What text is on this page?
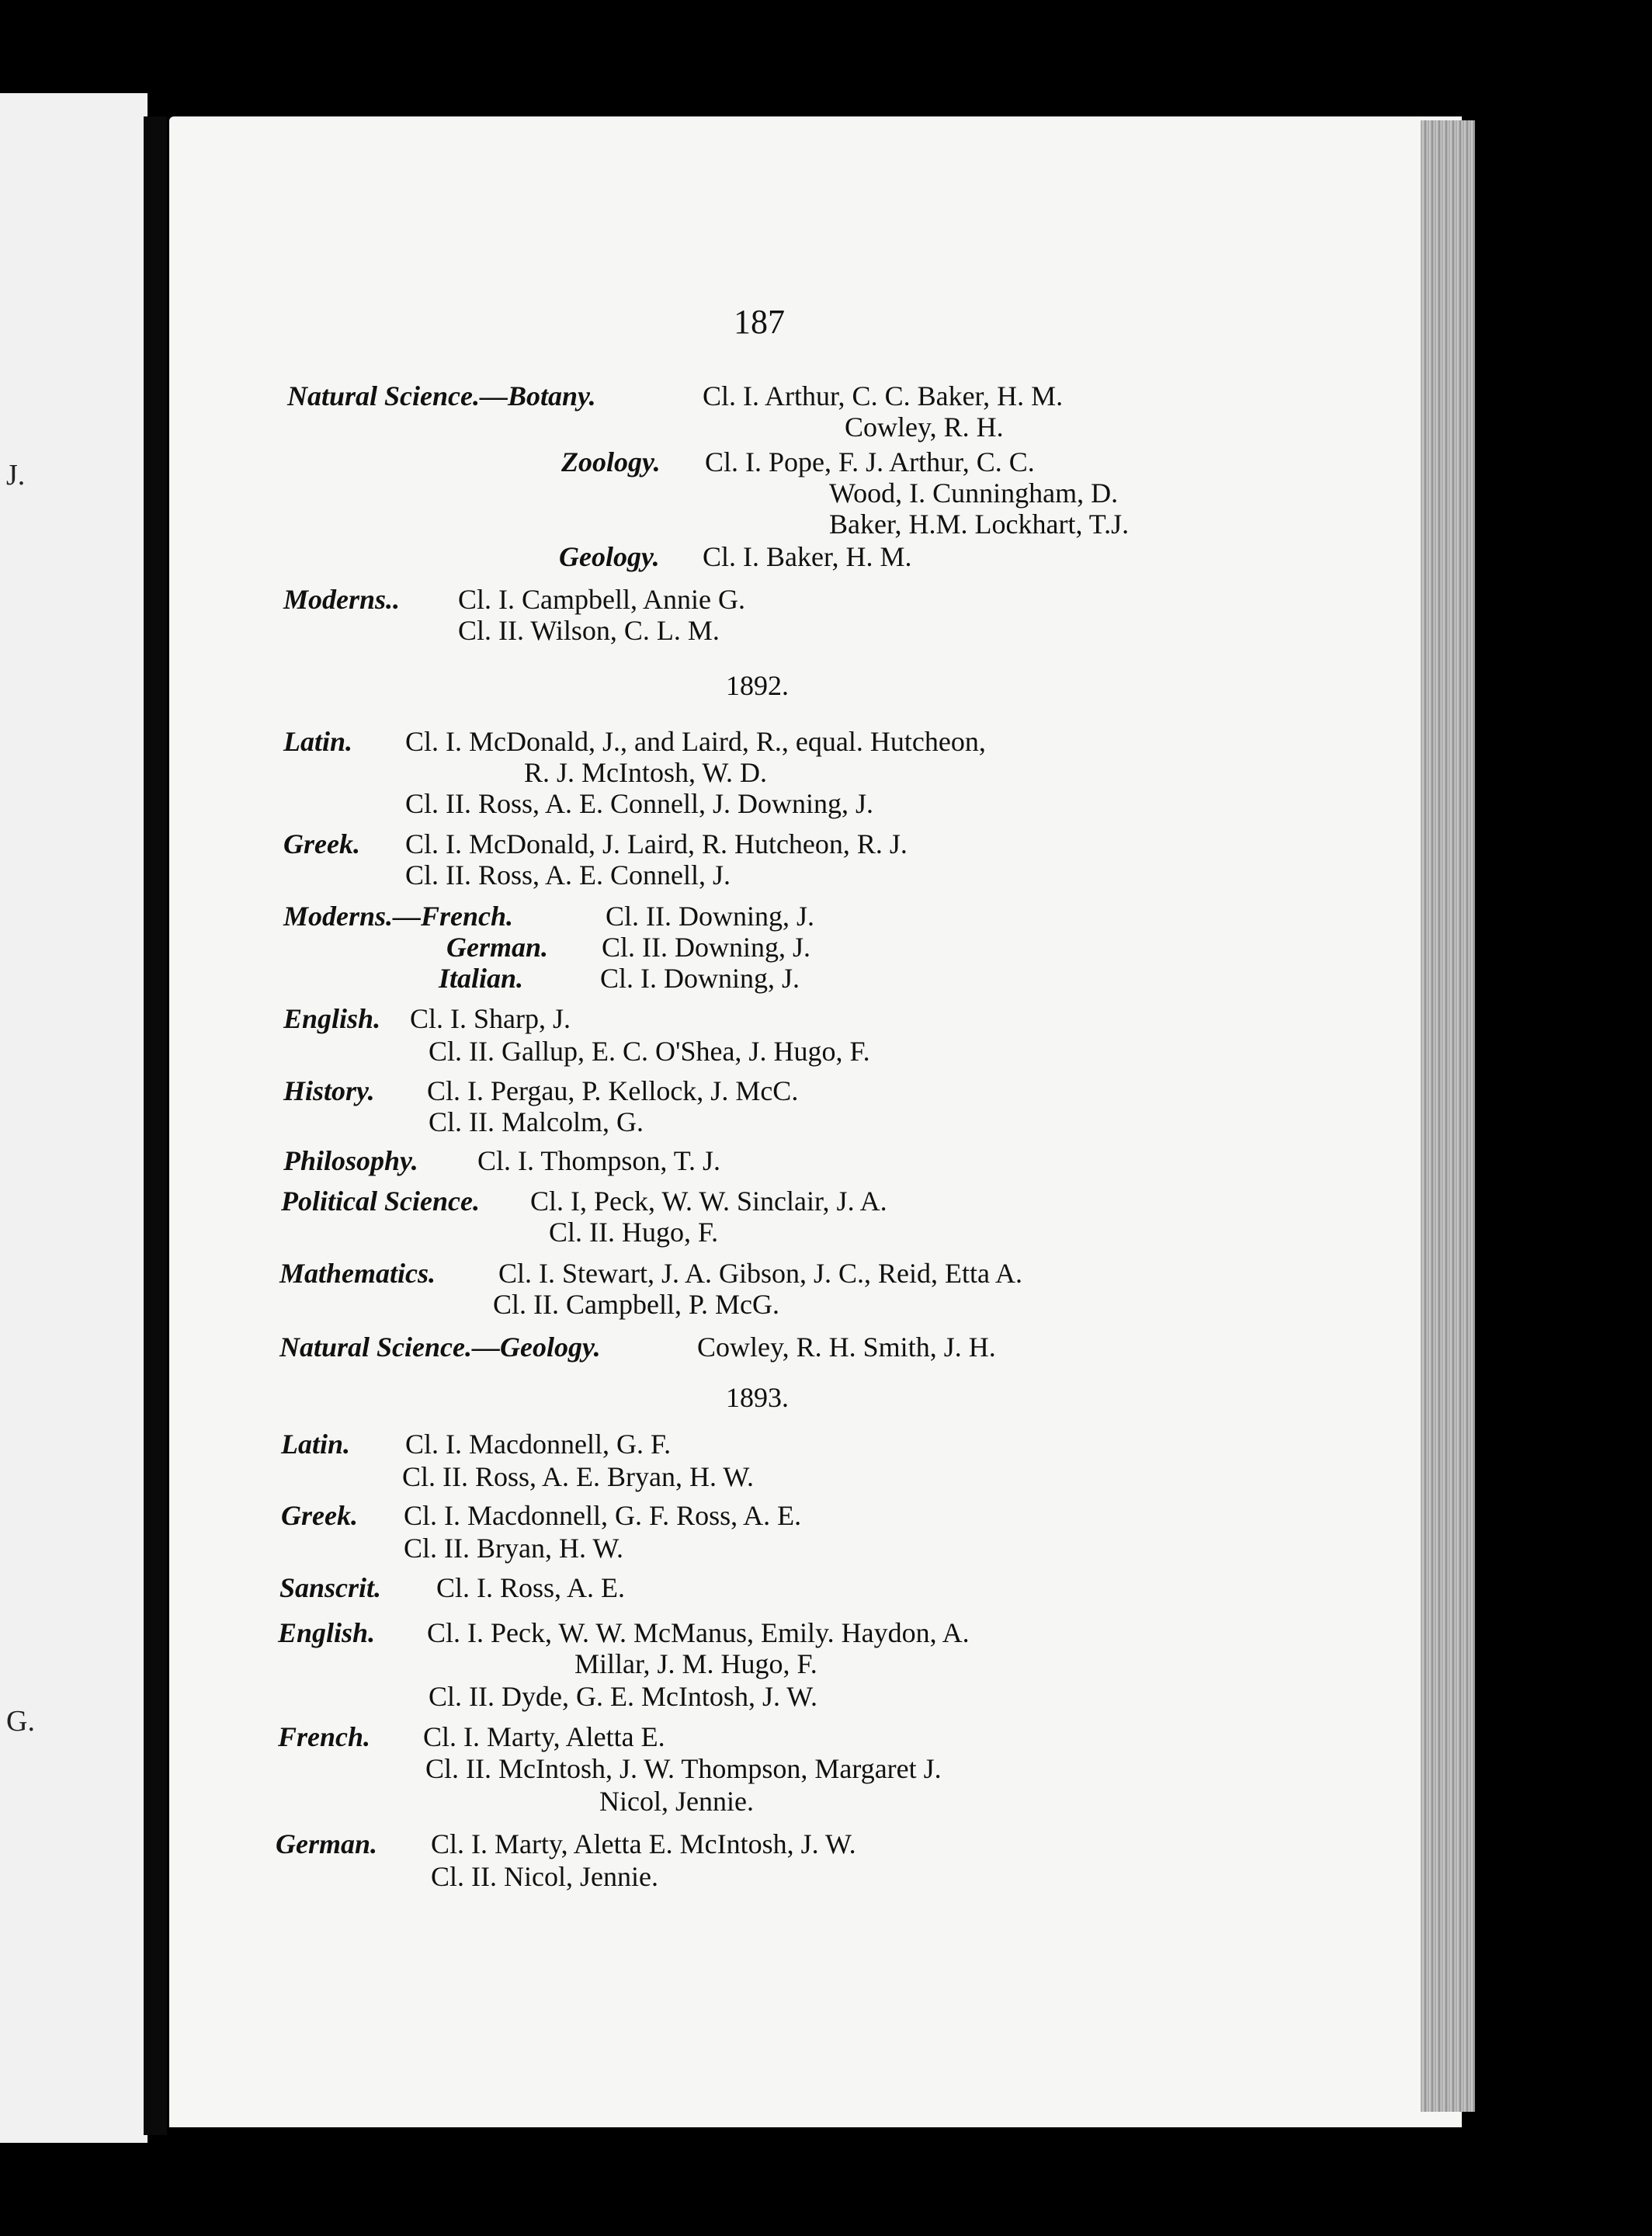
J.
G.
187
Natural Science.—Botany.	Cl. I. Arthur, C. C. Baker, H. M.
Cowley, R. H.
Zoology. Cl. I. Pope, F. J. Arthur, C. C.
Wood, I. Cunningham, D.
Baker, H.M. Lockhart, T.J.
Geology. Cl. I. Baker, H. M.
Moderns.. Cl. I. Campbell, Annie G.
Cl. II. Wilson, C. L. M.
1892.
Latin. Cl. I. McDonald, J., and Laird, R., equal. Hutcheon,
R. J. McIntosh, W. D.
Cl. II. Ross, A. E. Connell, J. Downing, J.
Greek. Cl. I. McDonald, J. Laird, R. Hutcheon, R. J.
Cl. II. Ross, A. E. Connell, J.
Moderns.—French.	Cl. II. Downing, J.
German. Cl. II. Downing, J.
Italian.	Cl. I. Downing, J.
English. Cl. I. Sharp, J.
Cl. II. Gallup, E. C. O'Shea, J. Hugo, F.
History. Cl. I. Pergau, P. Kellock, J. McC.
Cl. II. Malcolm, G.
Philosophy. Cl. I. Thompson, T. J.
Political Science. Cl. I, Peck, W. W. Sinclair, J. A.
Cl. II. Hugo, F.
Mathematics. Cl. I. Stewart, J. A. Gibson, J. C., Reid, Etta A.
Cl. II. Campbell, P. McG.
Natural Science.—Geology.	Cowley, R. H. Smith, J. H.
1893.
Latin. Cl. I. Macdonnell, G. F.
Cl. II. Ross, A. E. Bryan, H. W.
Greek. Cl. I. Macdonnell, G. F. Ross, A. E.
Cl. II. Bryan, H. W.
Sanscrit. Cl. I. Ross, A. E.
English. Cl. I. Peck, W. W. McManus, Emily. Haydon, A.
Millar, J. M. Hugo, F.
Cl. II. Dyde, G. E. McIntosh, J. W.
French. Cl. I. Marty, Aletta E.
Cl. II. McIntosh, J. W. Thompson, Margaret J.
Nicol, Jennie.
German. Cl. I. Marty, Aletta E. McIntosh, J. W.
Cl. II. Nicol, Jennie.
